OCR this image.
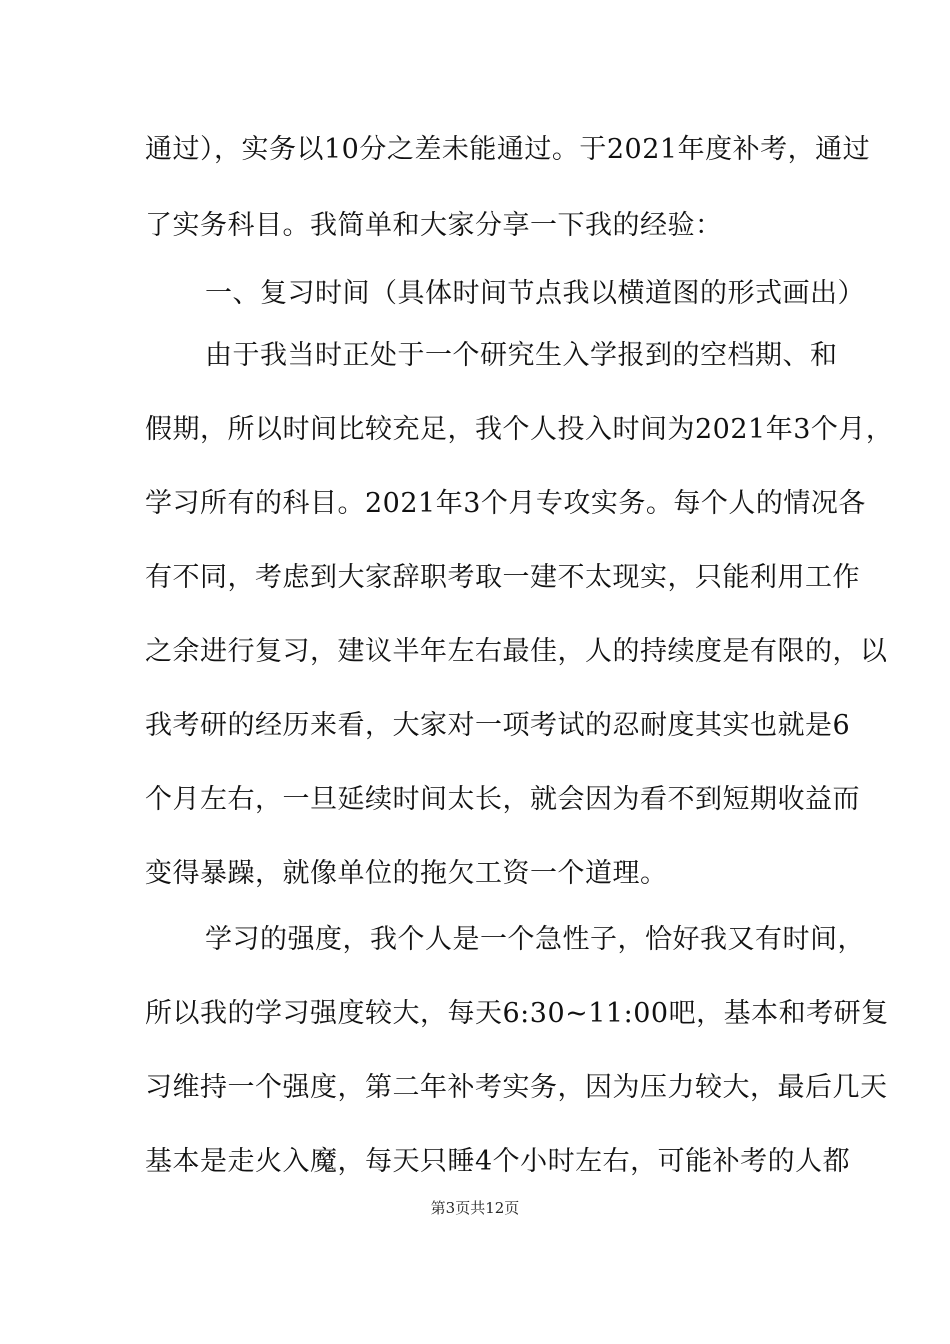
通过），实务以10分之差未能通过。于2021年度补考，通过
了实务科目。我简单和大家分享一下我的经验：
一、复习时间（具体时间节点我以横道图的形式画出）
由于我当时正处于一个研究生入学报到的空档期、和
假期，所以时间比较充足，我个人投入时间为2021年3个月，
学习所有的科目。2021年3个月专攻实务。每个人的情况各
有不同，考虑到大家辞职考取一建不太现实，只能利用工作
之余进行复习，建议半年左右最佳，人的持续度是有限的，以
我考研的经历来看，大家对一项考试的忍耐度其实也就是6
个月左右，一旦延续时间太长，就会因为看不到短期收益而
变得暴躁，就像单位的拖欠工资一个道理。
学习的强度，我个人是一个急性子，恰好我又有时间，
所以我的学习强度较大，每天6:30~11:00吧，基本和考研复
习维持一个强度，第二年补考实务，因为压力较大，最后几天
基本是走火入魔，每天只睡4个小时左右，可能补考的人都
第3页共12页
